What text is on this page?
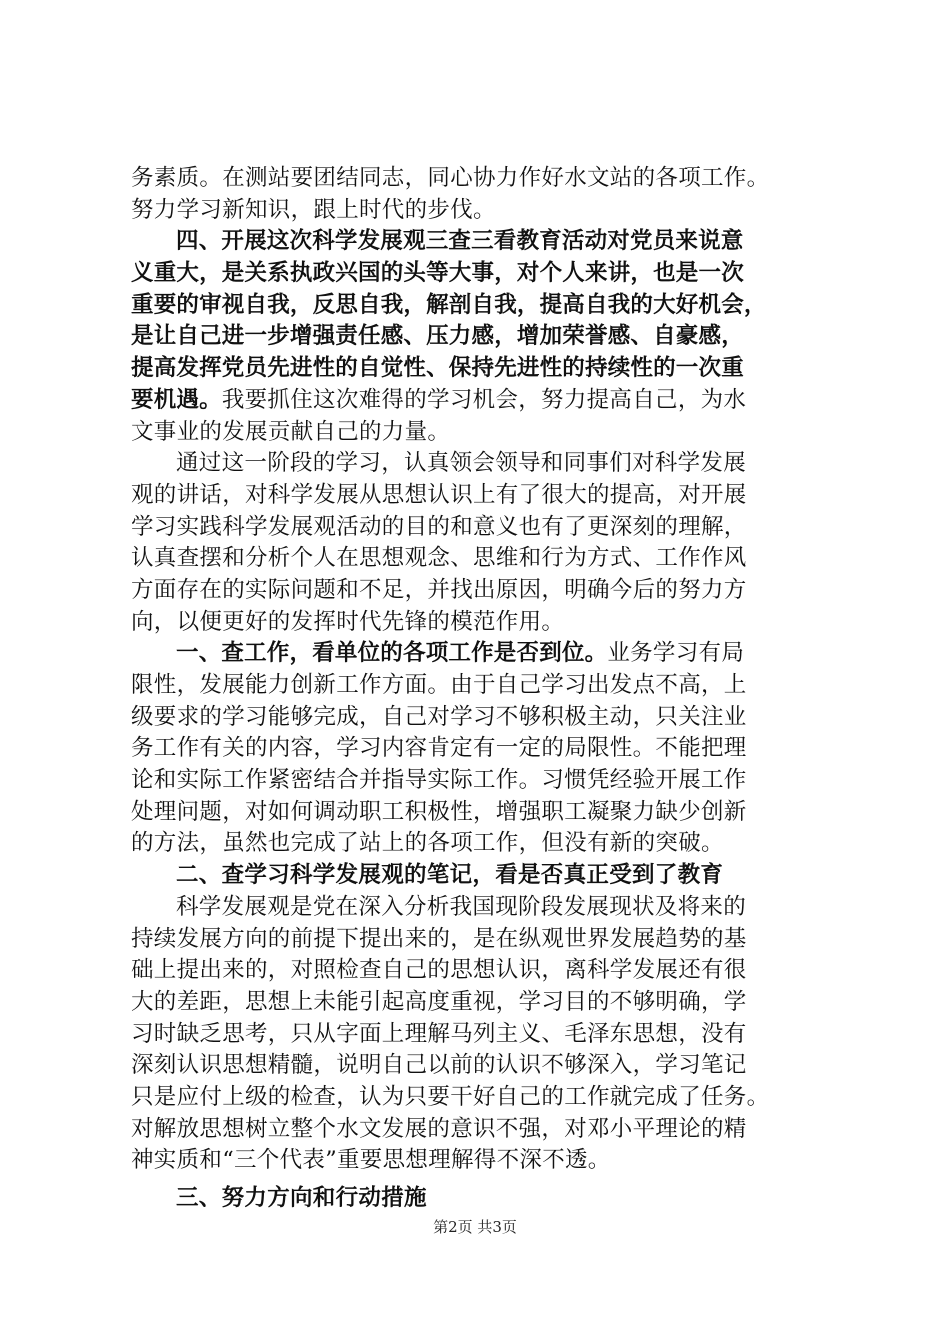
务素质。在测站要团结同志，同心协力作好水文站的各项工作。
努力学习新知识，跟上时代的步伐。
四、开展这次科学发展观三查三看教育活动对党员来说意
义重大，是关系执政兴国的头等大事，对个人来讲，也是一次
重要的审视自我，反思自我，解剖自我，提高自我的大好机会，
是让自己进一步增强责任感、压力感，增加荣誉感、自豪感，
提高发挥党员先进性的自觉性、保持先进性的持续性的一次重
要机遇。我要抓住这次难得的学习机会，努力提高自己，为水
文事业的发展贡献自己的力量。
通过这一阶段的学习，认真领会领导和同事们对科学发展
观的讲话，对科学发展从思想认识上有了很大的提高，对开展
学习实践科学发展观活动的目的和意义也有了更深刻的理解，
认真查摆和分析个人在思想观念、思维和行为方式、工作作风
方面存在的实际问题和不足，并找出原因，明确今后的努力方
向，以便更好的发挥时代先锋的模范作用。
一、查工作，看单位的各项工作是否到位。业务学习有局
限性，发展能力创新工作方面。由于自己学习出发点不高，上
级要求的学习能够完成，自己对学习不够积极主动，只关注业
务工作有关的内容，学习内容肯定有一定的局限性。不能把理
论和实际工作紧密结合并指导实际工作。习惯凭经验开展工作
处理问题，对如何调动职工积极性，增强职工凝聚力缺少创新
的方法，虽然也完成了站上的各项工作，但没有新的突破。
二、查学习科学发展观的笔记，看是否真正受到了教育
科学发展观是党在深入分析我国现阶段发展现状及将来的
持续发展方向的前提下提出来的，是在纵观世界发展趋势的基
础上提出来的，对照检查自己的思想认识，离科学发展还有很
大的差距，思想上未能引起高度重视，学习目的不够明确，学
习时缺乏思考，只从字面上理解马列主义、毛泽东思想，没有
深刻认识思想精髓，说明自己以前的认识不够深入，学习笔记
只是应付上级的检查，认为只要干好自己的工作就完成了任务。
对解放思想树立整个水文发展的意识不强，对邓小平理论的精
神实质和“三个代表”重要思想理解得不深不透。
三、努力方向和行动措施
第2页 共3页
